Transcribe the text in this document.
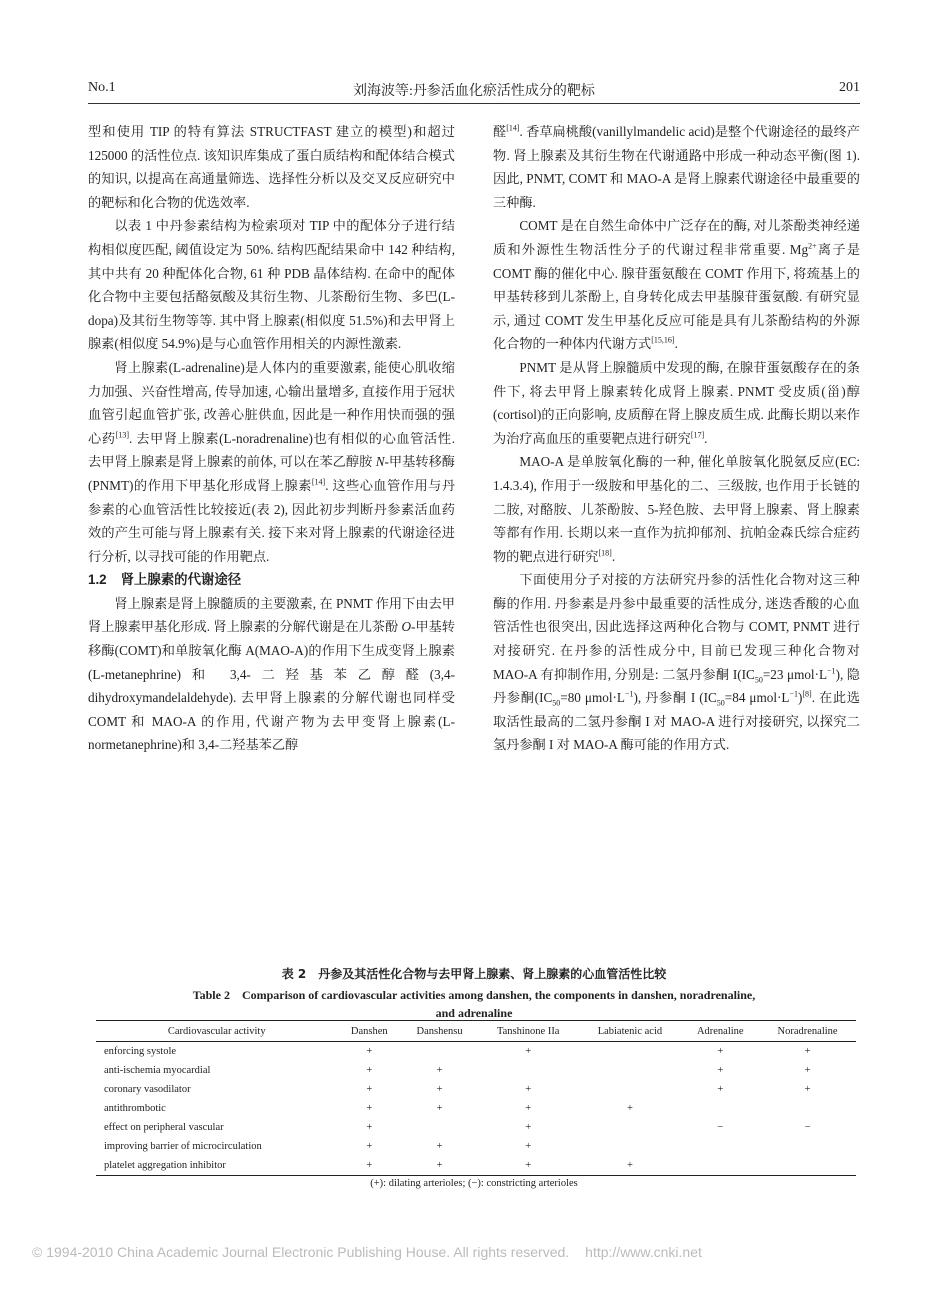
No.1	刘海波等:丹参活血化瘀活性成分的靶标	201

型和使用 TIP 的特有算法 STRUCTFAST 建立的模型)和超过 125000 的活性位点. 该知识库集成了蛋白质结构和配体结合模式的知识, 以提高在高通量筛选、选择性分析以及交叉反应研究中的靶标和化合物的优选效率.

以表 1 中丹参素结构为检索项对 TIP 中的配体分子进行结构相似度匹配, 阈值设定为 50%. 结构匹配结果命中 142 种结构, 其中共有 20 种配体化合物, 61 种 PDB 晶体结构. 在命中的配体化合物中主要包括酪氨酸及其衍生物、儿茶酚衍生物、多巴(L-dopa)及其衍生物等等. 其中肾上腺素(相似度 51.5%)和去甲肾上腺素(相似度 54.9%)是与心血管作用相关的内源性激素.

肾上腺素(L-adrenaline)是人体内的重要激素, 能使心肌收缩力加强、兴奋性增高, 传导加速, 心输出量增多, 直接作用于冠状血管引起血管扩张, 改善心脏供血, 因此是一种作用快而强的强心药[13]. 去甲肾上腺素(L-noradrenaline)也有相似的心血管活性. 去甲肾上腺素是肾上腺素的前体, 可以在苯乙醇胺 N-甲基转移酶(PNMT)的作用下甲基化形成肾上腺素[14]. 这些心血管作用与丹参素的心血管活性比较接近(表 2), 因此初步判断丹参素活血药效的产生可能与肾上腺素有关. 接下来对肾上腺素的代谢途径进行分析, 以寻找可能的作用靶点.

1.2 肾上腺素的代谢途径

肾上腺素是肾上腺髓质的主要激素, 在 PNMT 作用下由去甲肾上腺素甲基化形成. 肾上腺素的分解代谢是在儿茶酚 O-甲基转移酶(COMT)和单胺氧化酶 A(MAO-A)的作用下生成变肾上腺素(L-metanephrine)和 3,4-二羟基苯乙醇醛(3,4-dihydroxymandelaldehyde). 去甲肾上腺素的分解代谢也同样受 COMT 和 MAO-A 的作用, 代谢产物为去甲变肾上腺素(L-normetanephrine)和 3,4-二羟基苯乙醇

醛[14]. 香草扁桃酸(vanillylmandelic acid)是整个代谢途径的最终产物. 肾上腺素及其衍生物在代谢通路中形成一种动态平衡(图 1). 因此, PNMT, COMT 和 MAO-A 是肾上腺素代谢途径中最重要的三种酶.

COMT 是在自然生命体中广泛存在的酶, 对儿茶酚类神经递质和外源性生物活性分子的代谢过程非常重要. $Mg^{2+}$离子是 COMT 酶的催化中心. 腺苷蛋氨酸在 COMT 作用下, 将巯基上的甲基转移到儿茶酚上, 自身转化成去甲基腺苷蛋氨酸. 有研究显示, 通过 COMT 发生甲基化反应可能是具有儿茶酚结构的外源化合物的一种体内代谢方式[15,16].

PNMT 是从肾上腺髓质中发现的酶, 在腺苷蛋氨酸存在的条件下, 将去甲肾上腺素转化成肾上腺素. PNMT 受皮质(甾)醇(cortisol)的正向影响, 皮质醇在肾上腺皮质生成. 此酶长期以来作为治疗高血压的重要靶点进行研究[17].

MAO-A 是单胺氧化酶的一种, 催化单胺氧化脱氨反应(EC: 1.4.3.4), 作用于一级胺和甲基化的二、三级胺, 也作用于长链的二胺, 对酪胺、儿茶酚胺、5-羟色胺、去甲肾上腺素、肾上腺素等都有作用. 长期以来一直作为抗抑郁剂、抗帕金森氏综合症药物的靶点进行研究[18].

下面使用分子对接的方法研究丹参的活性化合物对这三种酶的作用. 丹参素是丹参中最重要的活性成分, 迷迭香酸的心血管活性也很突出, 因此选择这两种化合物与 COMT, PNMT 进行对接研究. 在丹参的活性成分中, 目前已发现三种化合物对 MAO-A 有抑制作用, 分别是: 二氢丹参酮 $I(IC_{50}=23$ $\mu mol\cdot L^{-1}$), 隐丹参酮($IC_{50}=80$ $\mu mol\cdot L^{-1}$), 丹参酮 I ($IC_{50}=84$ $\mu mol\cdot L^{-1})[8]$. 在此选取活性最高的二氢丹参酮 I 对 MAO-A 进行对接研究, 以探究二氢丹参酮 I 对 MAO-A 酶可能的作用方式.

表 2　丹参及其活性化合物与去甲肾上腺素、肾上腺素的心血管活性比较
Table 2　Comparison of cardiovascular activities among danshen, the components in danshen, noradrenaline,
and adrenaline
Cardiovascular activity	Danshen	Danshensu	Tanshinone IIa	Labiatenic acid	Adrenaline	Noradrenaline
enforcing systole	+		+		+	+
anti-ischemia myocardial	+	+			+	+
coronary vasodilator	+	+	+		+	+
antithrombotic	+	+	+	+		
effect on peripheral vascular	+		+		−	−
improving barrier of microcirculation	+	+	+			
platelet aggregation inhibitor	+	+	+	+		
(+): dilating arterioles; (−): constricting arterioles
© 1994-2010 China Academic Journal Electronic Publishing House. All rights reserved. http://www.cnki.net
